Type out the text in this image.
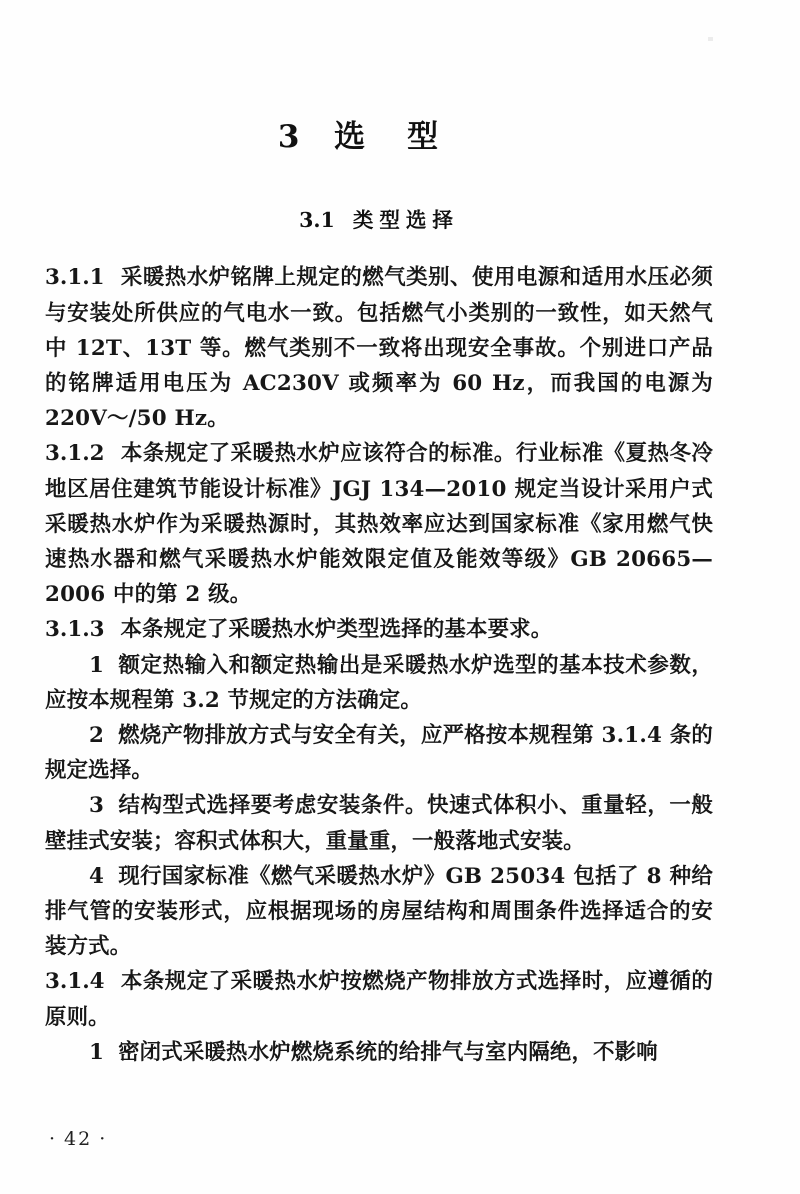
3 选型
3.1 类型选择

3.1.1 采暖热水炉铭牌上规定的燃气类别、使用电源和适用水压必须与安装处所供应的气电水一致。包括燃气小类别的一致性，如天然气中 12T、13T 等。燃气类别不一致将出现安全事故。个别进口产品的铭牌适用电压为 AC230V 或频率为 60 Hz，而我国的电源为 220V～/50 Hz。

3.1.2 本条规定了采暖热水炉应该符合的标准。行业标准《夏热冬冷地区居住建筑节能设计标准》JGJ 134—2010 规定当设计采用户式采暖热水炉作为采暖热源时，其热效率应达到国家标准《家用燃气快速热水器和燃气采暖热水炉能效限定值及能效等级》GB 20665—2006 中的第 2 级。

3.1.3 本条规定了采暖热水炉类型选择的基本要求。

1 额定热输入和额定热输出是采暖热水炉选型的基本技术参数，应按本规程第 3.2 节规定的方法确定。

2 燃烧产物排放方式与安全有关，应严格按本规程第 3.1.4 条的规定选择。

3 结构型式选择要考虑安装条件。快速式体积小、重量轻，一般壁挂式安装；容积式体积大，重量重，一般落地式安装。

4 现行国家标准《燃气采暖热水炉》GB 25034 包括了 8 种给排气管的安装形式，应根据现场的房屋结构和周围条件选择适合的安装方式。

3.1.4 本条规定了采暖热水炉按燃烧产物排放方式选择时，应遵循的原则。

1 密闭式采暖热水炉燃烧系统的给排气与室内隔绝，不影响

· 42 ·
